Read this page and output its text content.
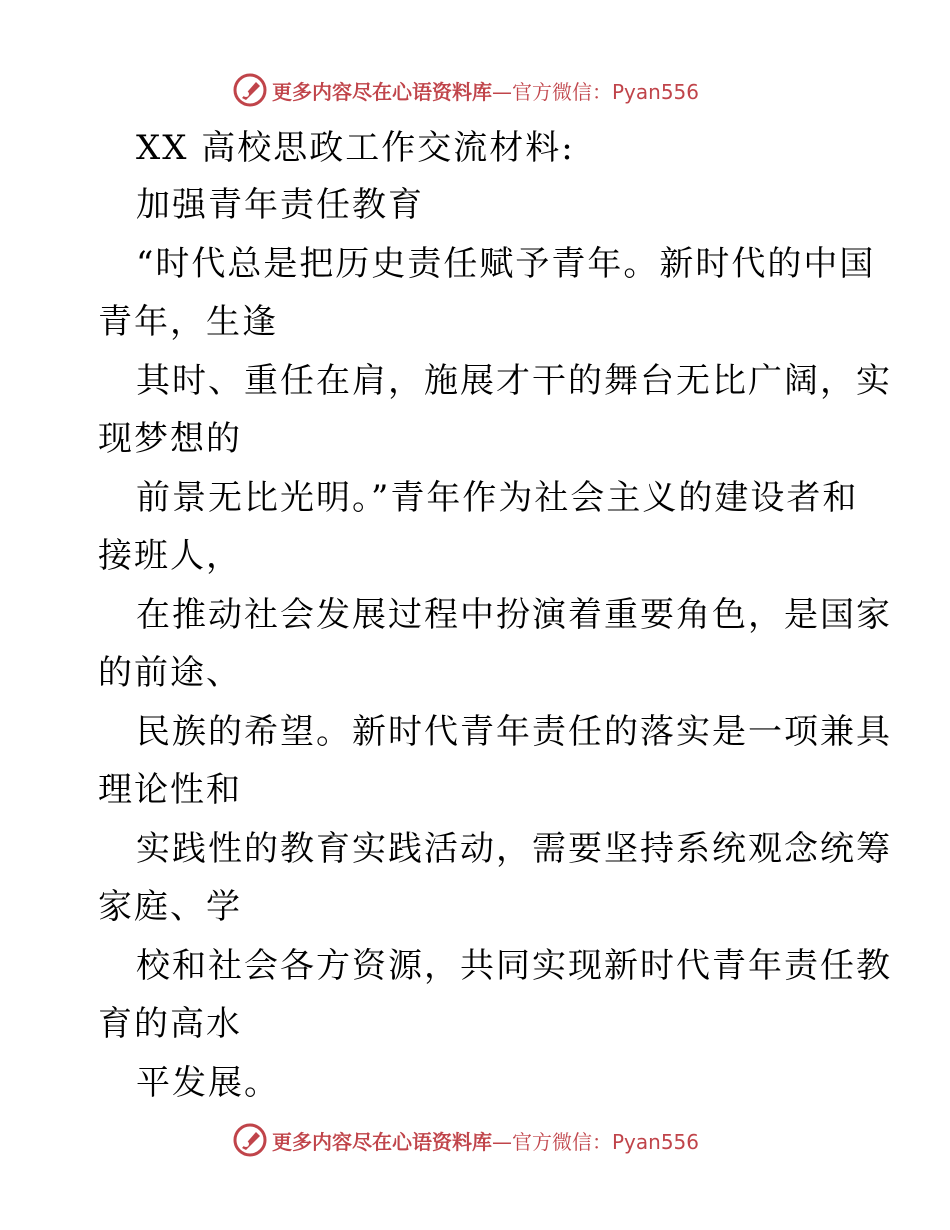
更多内容尽在心语资料库—官方微信：Pyan556
XX 高校思政工作交流材料:
加强青年责任教育
“时代总是把历史责任赋予青年。新时代的中国
青年，生逢
其时、重任在肩，施展才干的舞台无比广阔，实
现梦想的
前景无比光明。”青年作为社会主义的建设者和
接班人，
在推动社会发展过程中扮演着重要角色，是国家
的前途、
民族的希望。新时代青年责任的落实是一项兼具
理论性和
实践性的教育实践活动，需要坚持系统观念统筹
家庭、学
校和社会各方资源，共同实现新时代青年责任教
育的高水
平发展。
更多内容尽在心语资料库—官方微信：Pyan556
